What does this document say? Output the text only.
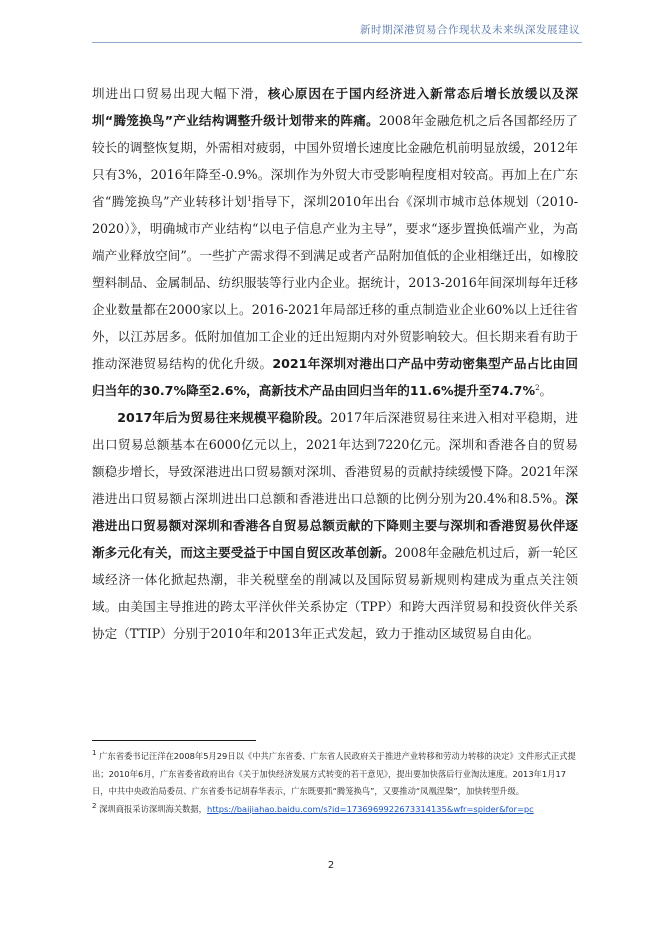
新时期深港贸易合作现状及未来纵深发展建议

圳进出口贸易出现大幅下滑，核心原因在于国内经济进入新常态后增长放缓以及深圳“腾笼换鸟”产业结构调整升级计划带来的阵痛。2008年金融危机之后各国都经历了较长的调整恢复期，外需相对疲弱，中国外贸增长速度比金融危机前明显放缓，2012年只有3%，2016年降至-0.9%。深圳作为外贸大市受影响程度相对较高。再加上在广东省“腾笼换鸟”产业转移计划$^1$指导下，深圳2010年出台《深圳市城市总体规划（2010-2020）》，明确城市产业结构“以电子信息产业为主导”，要求“逐步置换低端产业，为高端产业释放空间”。一些扩产需求得不到满足或者产品附加值低的企业相继迁出，如橡胶塑料制品、金属制品、纺织服装等行业内企业。据统计，2013-2016年间深圳每年迁移企业数量都在2000家以上。2016-2021年局部迁移的重点制造业企业60%以上迁往省外，以江苏居多。低附加值加工企业的迁出短期内对外贸影响较大。但长期来看有助于推动深港贸易结构的优化升级。2021年深圳对港出口产品中劳动密集型产品占比由回归当年的30.7%降至2.6%，高新技术产品由回归当年的11.6%提升至74.7%$^2$。

2017年后为贸易往来规模平稳阶段。2017年后深港贸易往来进入相对平稳期，进出口贸易总额基本在6000亿元以上，2021年达到7220亿元。深圳和香港各自的贸易额稳步增长，导致深港进出口贸易额对深圳、香港贸易的贡献持续缓慢下降。2021年深港进出口贸易额占深圳进出口总额和香港进出口总额的比例分别为20.4%和8.5%。深港进出口贸易额对深圳和香港各自贸易总额贡献的下降则主要与深圳和香港贸易伙伴逐渐多元化有关，而这主要受益于中国自贸区改革创新。2008年金融危机过后，新一轮区域经济一体化掀起热潮，非关税壁垒的削减以及国际贸易新规则构建成为重点关注领域。由美国主导推进的跨太平洋伙伴关系协定（TPP）和跨大西洋贸易和投资伙伴关系协定（TTIP）分别于2010年和2013年正式发起，致力于推动区域贸易自由化。

$^1$ 广东省委书记汪洋在2008年5月29日以《中共广东省委、广东省人民政府关于推进产业转移和劳动力转移的决定》文件形式正式提出；2010年6月，广东省委省政府出台《关于加快经济发展方式转变的若干意见》，提出要加快落后行业淘汰速度。2013年1月17日，中共中央政治局委员、广东省委书记胡春华表示，广东既要抓“腾笼换鸟”，又要推动“凤凰涅槃”，加快转型升级。

$^2$ 深圳商报采访深圳海关数据，https://baijiahao.baidu.com/s?id=1736969922673314135&wfr=spider&for=pc

2
